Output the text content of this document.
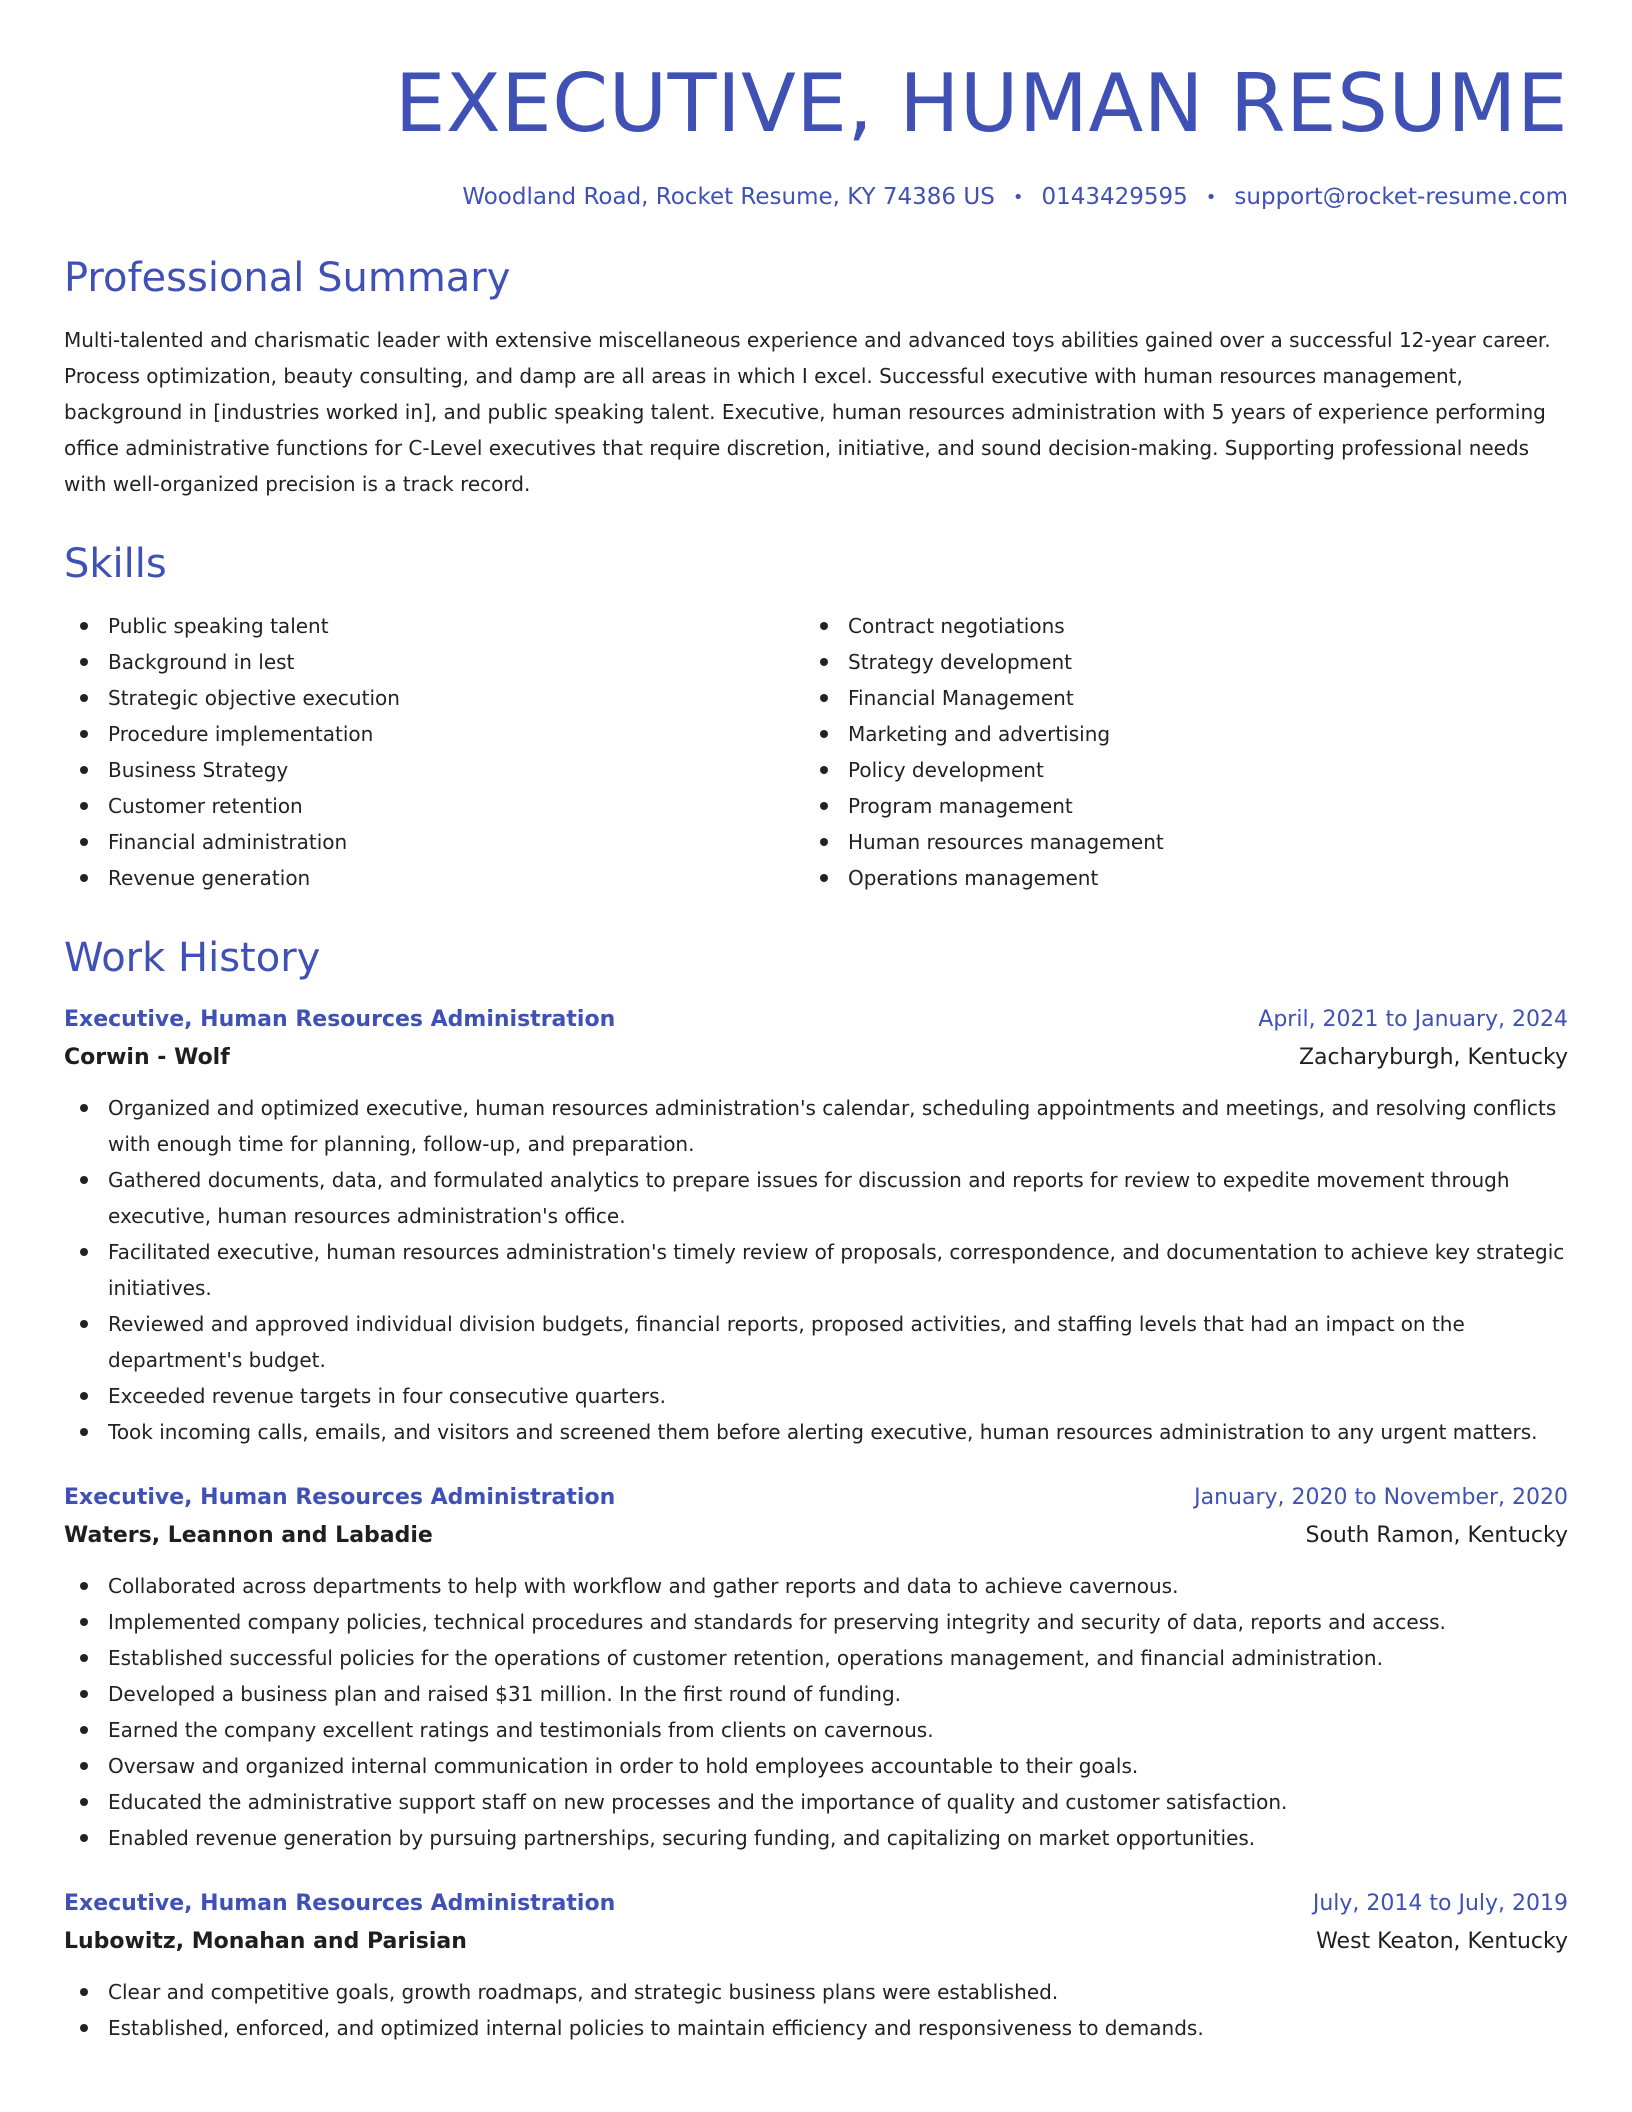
EXECUTIVE, HUMAN RESUME
Woodland Road, Rocket Resume, KY 74386 US • 0143429595 • support@rocket-resume.com
Professional Summary

Multi-talented and charismatic leader with extensive miscellaneous experience and advanced toys abilities gained over a successful 12-year career. Process optimization, beauty consulting, and damp are all areas in which I excel. Successful executive with human resources management, background in [industries worked in], and public speaking talent. Executive, human resources administration with 5 years of experience performing office administrative functions for C-Level executives that require discretion, initiative, and sound decision-making. Supporting professional needs with well-organized precision is a track record.

Skills
Public speaking talent
Background in lest
Strategic objective execution
Procedure implementation
Business Strategy
Customer retention
Financial administration
Revenue generation
Contract negotiations
Strategy development
Financial Management
Marketing and advertising
Policy development
Program management
Human resources management
Operations management
Work History
Executive, Human Resources Administration	April, 2021 to January, 2024
Corwin - Wolf	Zacharyburgh, Kentucky
Organized and optimized executive, human resources administration's calendar, scheduling appointments and meetings, and resolving conflicts with enough time for planning, follow-up, and preparation.
Gathered documents, data, and formulated analytics to prepare issues for discussion and reports for review to expedite movement through executive, human resources administration's office.
Facilitated executive, human resources administration's timely review of proposals, correspondence, and documentation to achieve key strategic initiatives.
Reviewed and approved individual division budgets, financial reports, proposed activities, and staffing levels that had an impact on the department's budget.
Exceeded revenue targets in four consecutive quarters.
Took incoming calls, emails, and visitors and screened them before alerting executive, human resources administration to any urgent matters.
Executive, Human Resources Administration	January, 2020 to November, 2020
Waters, Leannon and Labadie	South Ramon, Kentucky
Collaborated across departments to help with workflow and gather reports and data to achieve cavernous.
Implemented company policies, technical procedures and standards for preserving integrity and security of data, reports and access.
Established successful policies for the operations of customer retention, operations management, and financial administration.
Developed a business plan and raised $31 million. In the first round of funding.
Earned the company excellent ratings and testimonials from clients on cavernous.
Oversaw and organized internal communication in order to hold employees accountable to their goals.
Educated the administrative support staff on new processes and the importance of quality and customer satisfaction.
Enabled revenue generation by pursuing partnerships, securing funding, and capitalizing on market opportunities.
Executive, Human Resources Administration	July, 2014 to July, 2019
Lubowitz, Monahan and Parisian	West Keaton, Kentucky
Clear and competitive goals, growth roadmaps, and strategic business plans were established.
Established, enforced, and optimized internal policies to maintain efficiency and responsiveness to demands.
